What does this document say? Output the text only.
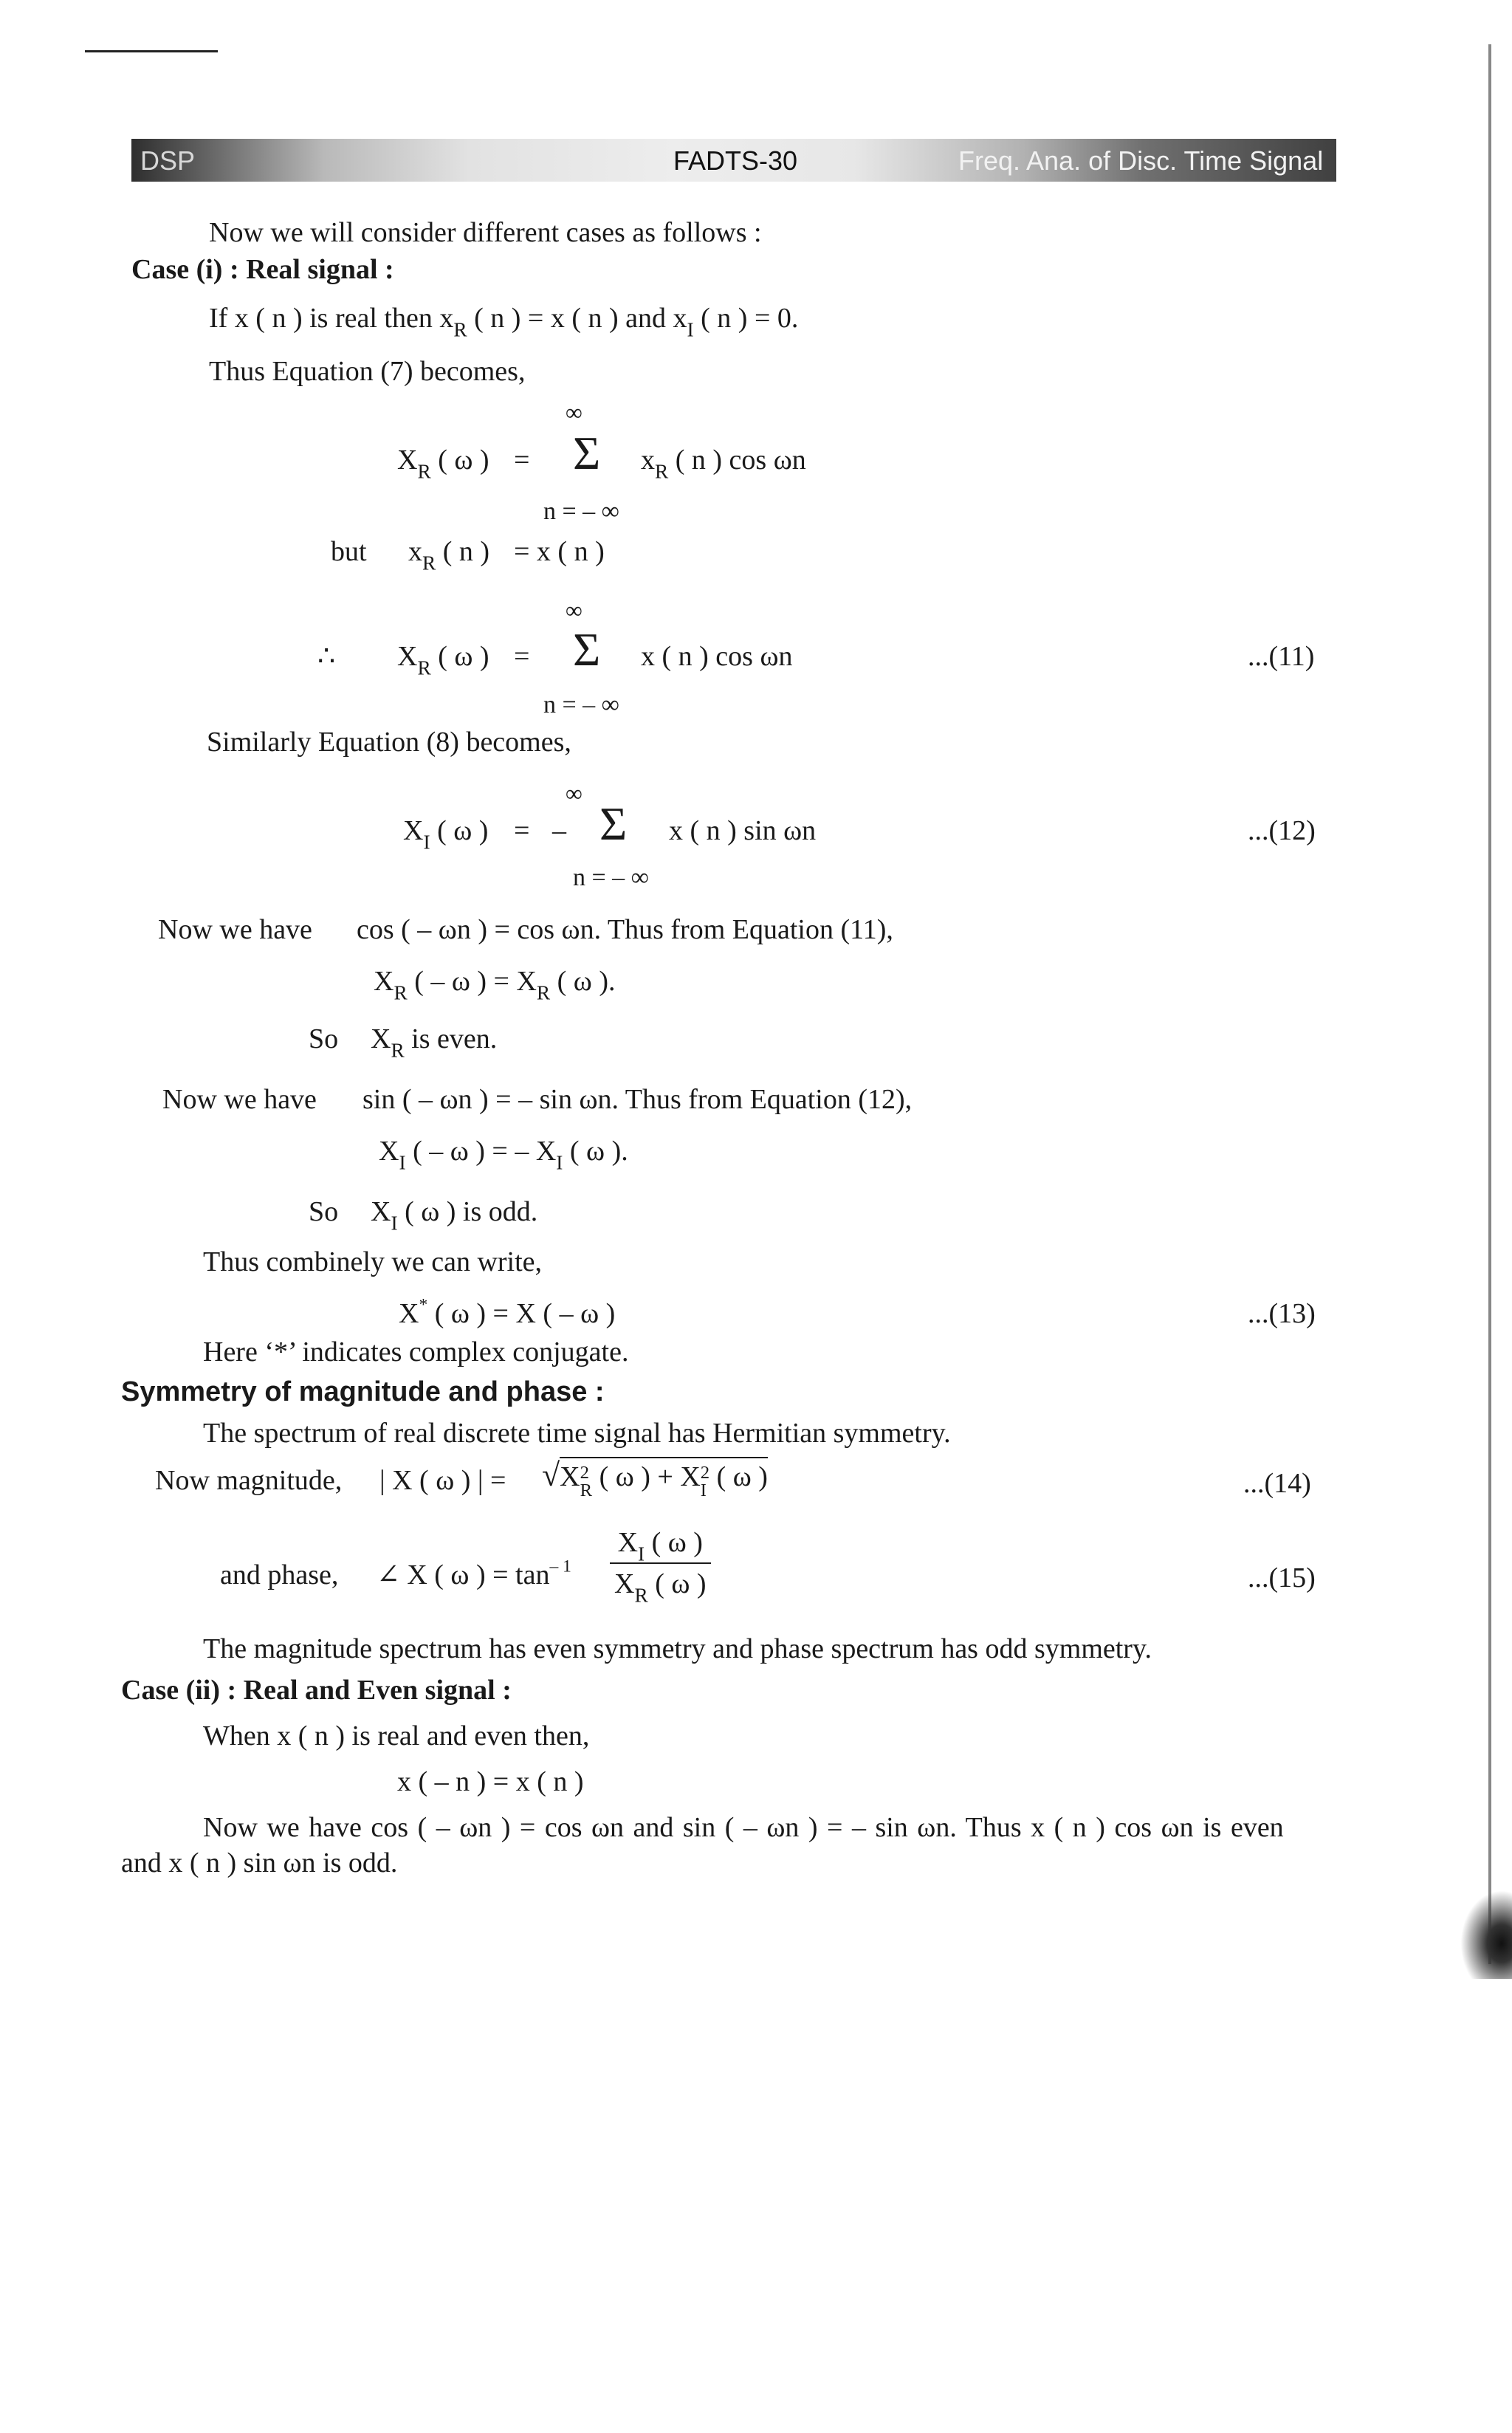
DSP	FADTS-30	Freq. Ana. of Disc. Time Signal
Now we will consider different cases as follows :
Case (i) : Real signal :
If x ( n ) is real then $x_R$ ( n ) = x ( n ) and $x_I$ ( n ) = 0.
Thus Equation (7) becomes,
∞
$X_R$ ( ω ) = Σ $x_R$ ( n ) cos ωn
n = – ∞
but $x_R$ ( n ) = x ( n )
∞
∴ $X_R$ ( ω ) = Σ x ( n ) cos ωn	...(11)
n = – ∞
Similarly Equation (8) becomes,
∞
$X_I$ ( ω ) = – Σ x ( n ) sin ωn	...(12)
n = – ∞
Now we have cos ( – ωn ) = cos ωn. Thus from Equation (11),
$X_R$ ( – ω ) = $X_R$ ( ω ).
So $X_R$ is even.
Now we have sin ( – ωn ) = – sin ωn. Thus from Equation (12),
$X_I$ ( – ω ) = – $X_I$ ( ω ).
So $X_I$ ( ω ) is odd.
Thus combinely we can write,
X* ( ω ) = X ( – ω )	...(13)
Here ‘*’ indicates complex conjugate.
Symmetry of magnitude and phase :
The spectrum of real discrete time signal has Hermitian symmetry.
Now magnitude, | X ( ω ) | = √X2
R ( ω ) + X2
I ( ω )	...(14)
and phase, ∠ X ( ω ) = $\tan^{- 1} \frac{X_I ( \omega )}{X_R ( \omega )}$	...(15)
The magnitude spectrum has even symmetry and phase spectrum has odd symmetry.
Case (ii) : Real and Even signal :
When x ( n ) is real and even then,
x ( – n ) = x ( n )
Now we have cos ( – ωn ) = cos ωn and sin ( – ωn ) = – sin ωn. Thus x ( n ) cos ωn is even
and x ( n ) sin ωn is odd.
